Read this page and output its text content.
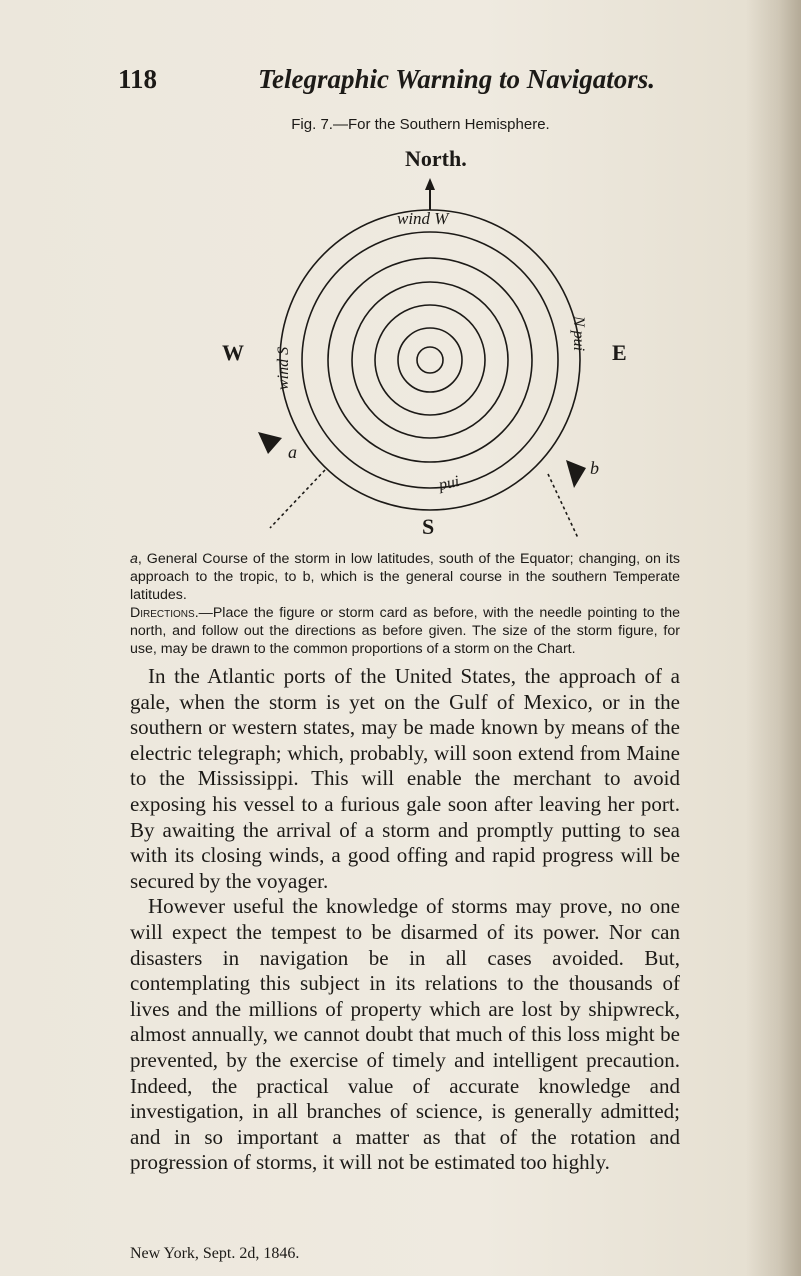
118	Telegraphic Warning to Navigators.
Fig. 7.—For the Southern Hemisphere.
North.
wind W
W	E
wind S
N pui
pui
a
b
S

a, General Course of the storm in low latitudes, south of the Equator; changing, on its approach to the tropic, to b, which is the general course in the southern Temperate latitudes.

Directions.—Place the figure or storm card as before, with the needle pointing to the north, and follow out the directions as before given. The size of the storm figure, for use, may be drawn to the common proportions of a storm on the Chart.

In the Atlantic ports of the United States, the approach of a gale, when the storm is yet on the Gulf of Mexico, or in the southern or western states, may be made known by means of the electric telegraph; which, probably, will soon extend from Maine to the Mississippi. This will enable the merchant to avoid exposing his vessel to a furious gale soon after leaving her port. By awaiting the arrival of a storm and promptly putting to sea with its closing winds, a good offing and rapid progress will be secured by the voyager.

However useful the knowledge of storms may prove, no one will expect the tempest to be disarmed of its power. Nor can disasters in navigation be in all cases avoided. But, contemplating this subject in its relations to the thousands of lives and the millions of property which are lost by shipwreck, almost annually, we cannot doubt that much of this loss might be prevented, by the exercise of timely and intelligent precaution. Indeed, the practical value of accurate knowledge and investigation, in all branches of science, is generally admitted; and in so important a matter as that of the rotation and progression of storms, it will not be estimated too highly.

New York, Sept. 2d, 1846.
